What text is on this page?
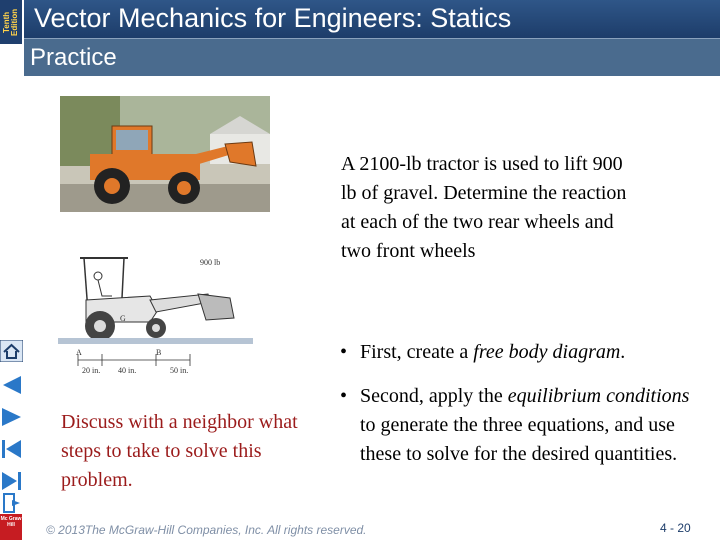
Tenth Edition Vector Mechanics for Engineers: Statics
Practice
900 lb
G
A	B
20 in. 40 in.	50 in.
A 2100-lb tractor is used to lift 900 lb of gravel. Determine the reaction at each of the two rear wheels and two front wheels
• First, create a free body diagram.
• Second, apply the equilibrium conditions to generate the three equations, and use these to solve for the desired quantities.
Discuss with a neighbor what steps to take to solve this problem.
Mc Graw Hill	© 2013The McGraw-Hill Companies, Inc. All rights reserved.	4 - 20
